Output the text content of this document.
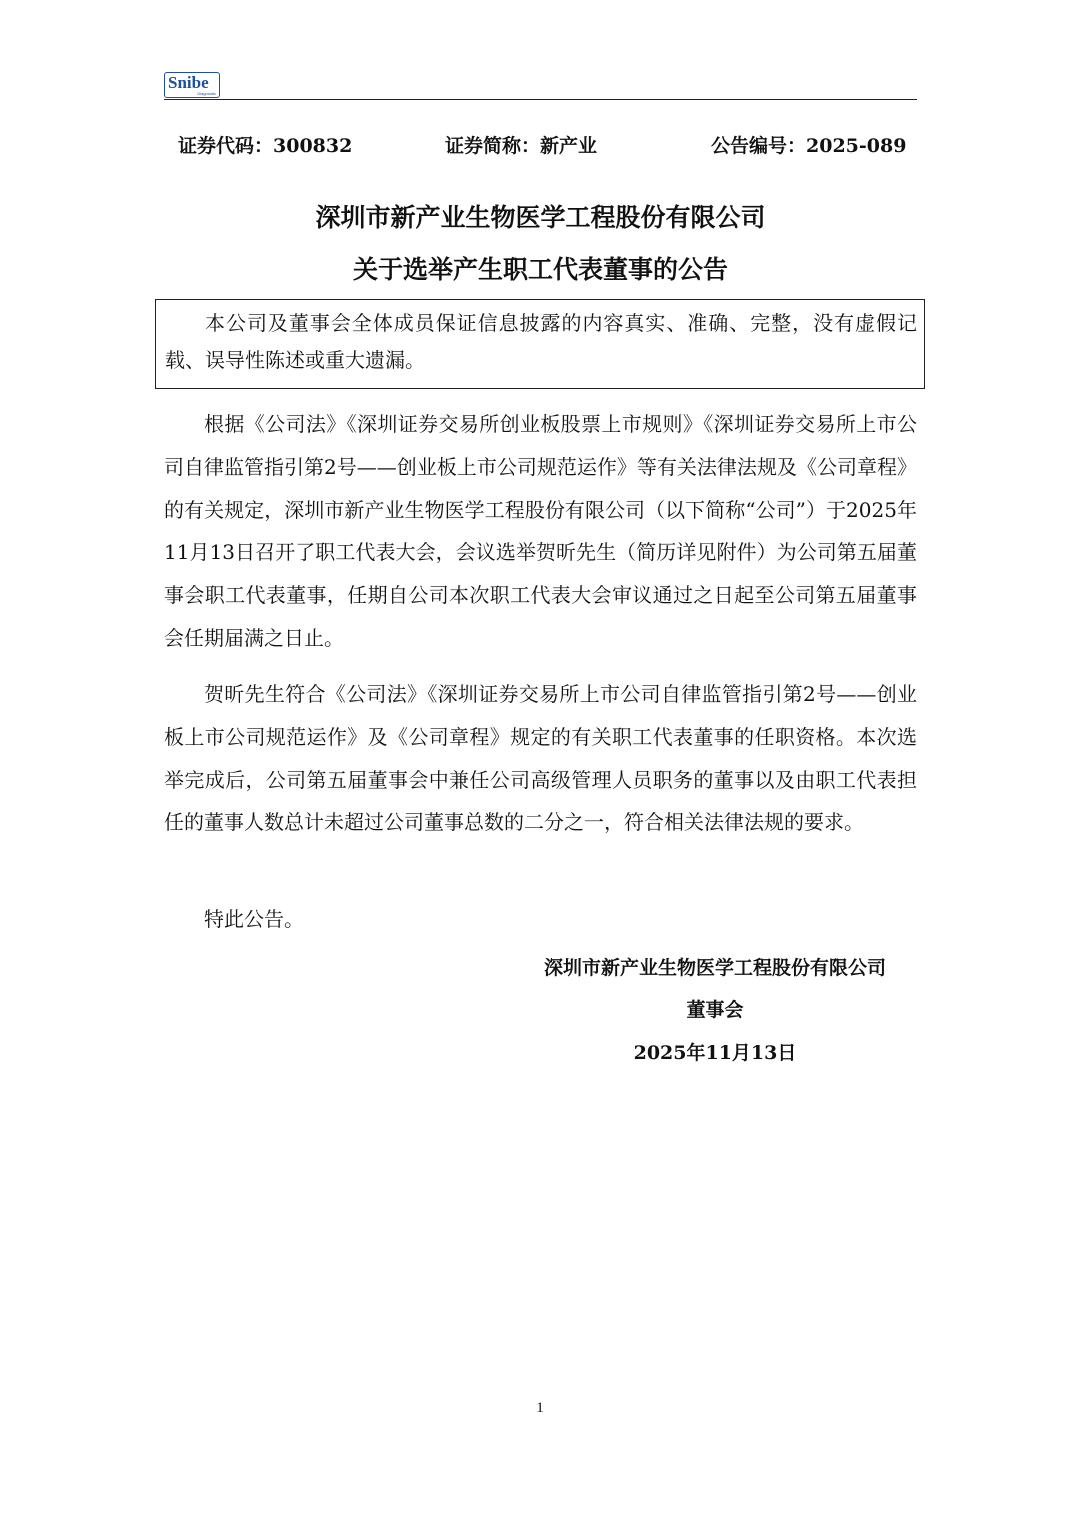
Snibe
Diagnostic
证券代码：300832	证券简称：新产业	公告编号：2025-089
深圳市新产业生物医学工程股份有限公司
关于选举产生职工代表董事的公告
本公司及董事会全体成员保证信息披露的内容真实、准确、完整，没有虚假记载、误导性陈述或重大遗漏。
根据《公司法》《深圳证券交易所创业板股票上市规则》《深圳证券交易所上市公司自律监管指引第2号——创业板上市公司规范运作》等有关法律法规及《公司章程》的有关规定，深圳市新产业生物医学工程股份有限公司（以下简称“公司”）于2025年11月13日召开了职工代表大会，会议选举贺昕先生（简历详见附件）为公司第五届董事会职工代表董事，任期自公司本次职工代表大会审议通过之日起至公司第五届董事会任期届满之日止。
贺昕先生符合《公司法》《深圳证券交易所上市公司自律监管指引第2号——创业板上市公司规范运作》及《公司章程》规定的有关职工代表董事的任职资格。本次选举完成后，公司第五届董事会中兼任公司高级管理人员职务的董事以及由职工代表担任的董事人数总计未超过公司董事总数的二分之一，符合相关法律法规的要求。
特此公告。
深圳市新产业生物医学工程股份有限公司
董事会
2025年11月13日
1
